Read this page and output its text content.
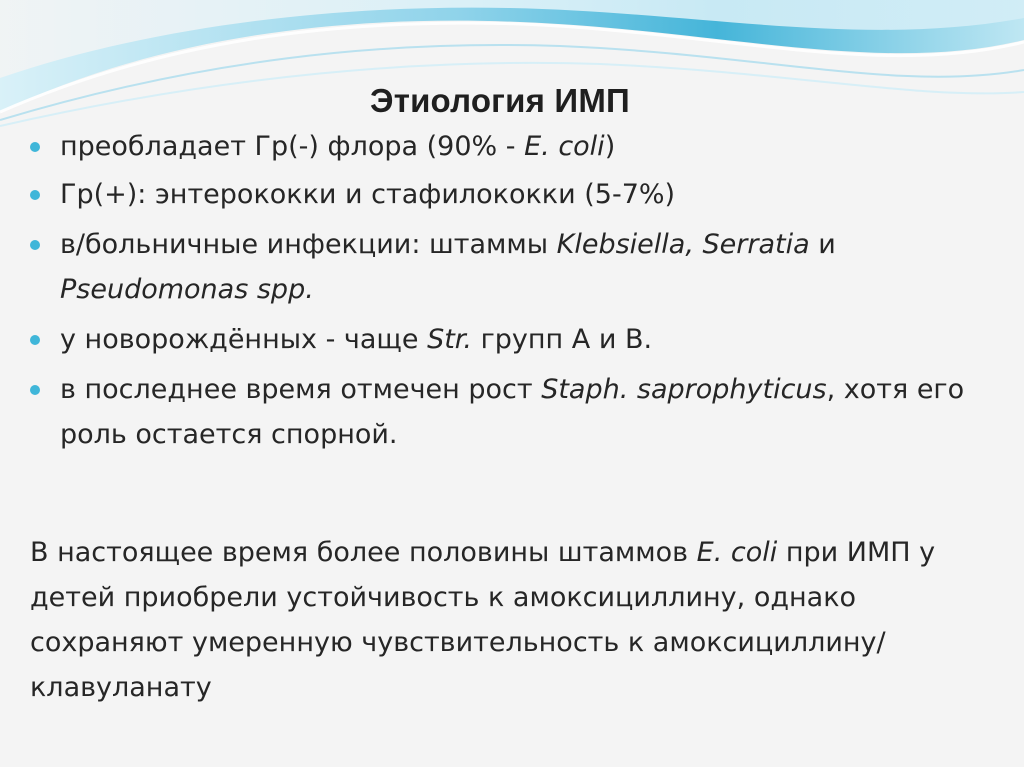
Этиология ИМП
преобладает Гр(-) флора (90% - E. coli)
Гр(+): энтерококки и стафилококки (5-7%)
в/больничные инфекции: штаммы Klebsiella, Serratia и Pseudomonas spp.
у новорождённых - чаще Str. групп А и В.
в последнее время отмечен рост Staph. saprophyticus, хотя его роль остается спорной.
В настоящее время более половины штаммов E. coli при ИМП у детей приобрели устойчивость к амоксициллину, однако сохраняют умеренную чувствительность к амоксициллину/клавуланату
